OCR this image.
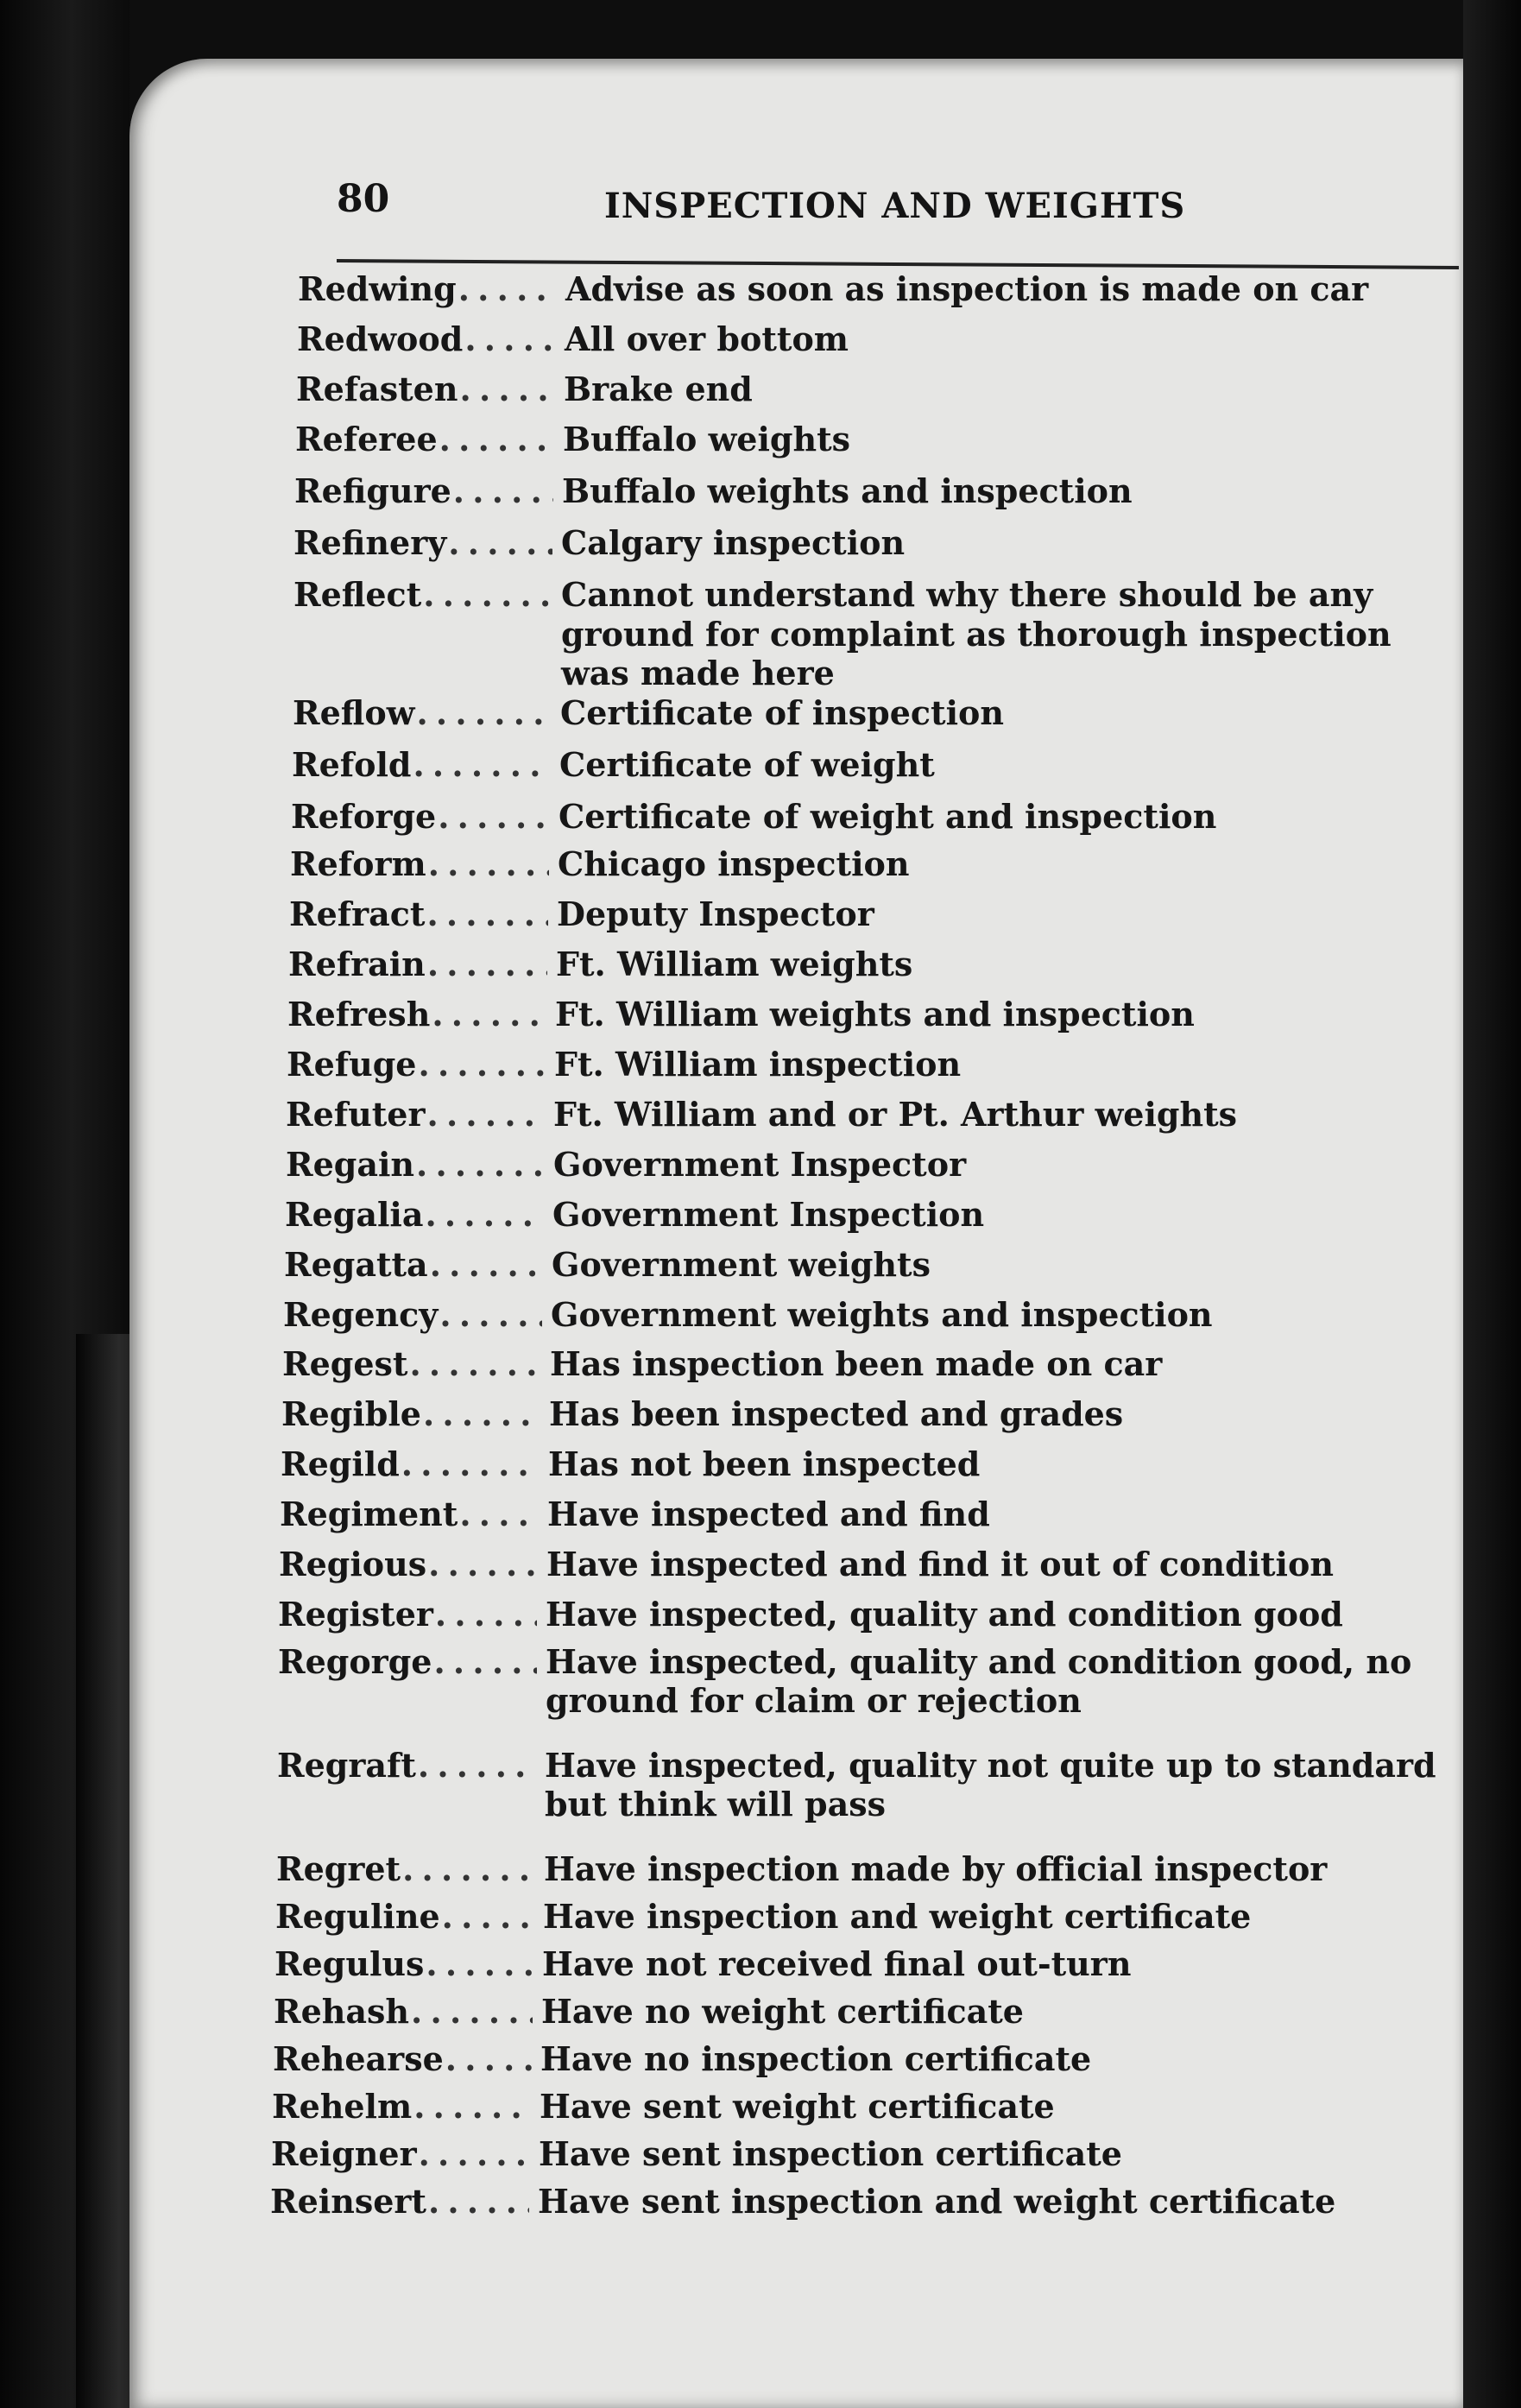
80	INSPECTION AND WEIGHTS
Redwing . . .	Advise as soon as inspection is made on car
Redwood . . .	All over bottom
Refasten . . .	Brake end
Referee . . .	Buffalo weights
Refigure . . .	Buffalo weights and inspection
Refinery . . .	Calgary inspection
Reflect . . .	Cannot understand why there should be any ground for complaint as thorough inspection was made here
Reflow . . .	Certificate of inspection
Refold . . .	Certificate of weight
Reforge . . .	Certificate of weight and inspection
Reform . . .	Chicago inspection
Refract . . .	Deputy Inspector
Refrain . . .	Ft. William weights
Refresh . . .	Ft. William weights and inspection
Refuge . . .	Ft. William inspection
Refuter . . .	Ft. William and or Pt. Arthur weights
Regain . . .	Government Inspector
Regalia . . .	Government Inspection
Regatta . . .	Government weights
Regency . . .	Government weights and inspection
Regest . . .	Has inspection been made on car
Regible . . .	Has been inspected and grades
Regild . . .	Has not been inspected
Regiment . . .	Have inspected and find
Regious . . .	Have inspected and find it out of condition
Register . . .	Have inspected, quality and condition good
Regorge . . .	Have inspected, quality and condition good, no ground for claim or rejection
Regraft . . .	Have inspected, quality not quite up to standard but think will pass
Regret . . .	Have inspection made by official inspector
Reguline . . .	Have inspection and weight certificate
Regulus . . .	Have not received final out-turn
Rehash . . .	Have no weight certificate
Rehearse . . .	Have no inspection certificate
Rehelm . . .	Have sent weight certificate
Reigner . . .	Have sent inspection certificate
Reinsert . . .	Have sent inspection and weight certificate
